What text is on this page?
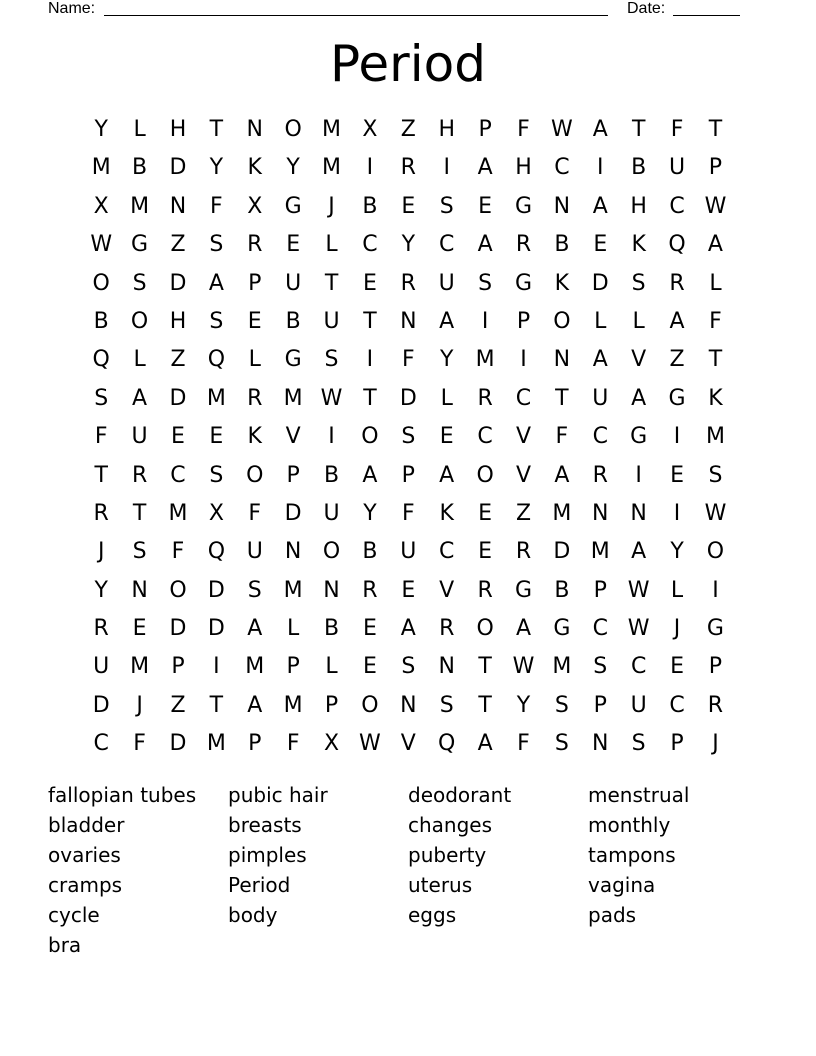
Name:	Date:
Period
Y	L	H	T	N O M X	Z	H	P	F W A	T	F	T
M B	D	Y	K	Y	M	I	R	I	A	H	C	I	B	U	P
X M N	F	X	G	J	B	E	S	E	G N	A	H	C W
W G	Z	S	R	E	L	C	Y	C	A	R	B	E	K	Q	A
O	S	D	A	P	U	T	E	R	U	S	G	K	D	S	R	L
B	O H	S	E	B	U	T	N	A	I	P	O	L	L	A	F
Q	L	Z	Q	L	G	S	I	F	Y	M	I	N	A	V	Z	T
S	A	D M R M W T	D	L	R	C	T	U	A	G	K
F	U	E	E	K	V	I	O	S	E	C	V	F	C	G	I	M
T	R	C	S	O	P	B	A	P	A	O	V	A	R	I	E	S
R	T	M X	F	D U	Y	F	K	E	Z M N N	I	W
J	S	F	Q U	N O	B	U	C	E	R	D M A	Y	O
Y	N O D	S M N	R	E	V	R	G	B	P W L	I
R	E	D D	A	L	B	E	A	R	O	A	G	C W	J	G
U M	P	I	M	P	L	E	S	N	T W M S	C	E	P
D	J	Z	T	A M	P	O N	S	T	Y	S	P	U	C	R
C	F	D M	P	F	X W V	Q	A	F	S	N	S	P	J
fallopian tubes	pubic hair	deodorant	menstrual
bladder	breasts	changes	monthly
ovaries	pimples	puberty	tampons
cramps	Period	uterus	vagina
cycle	body	eggs	pads
bra
